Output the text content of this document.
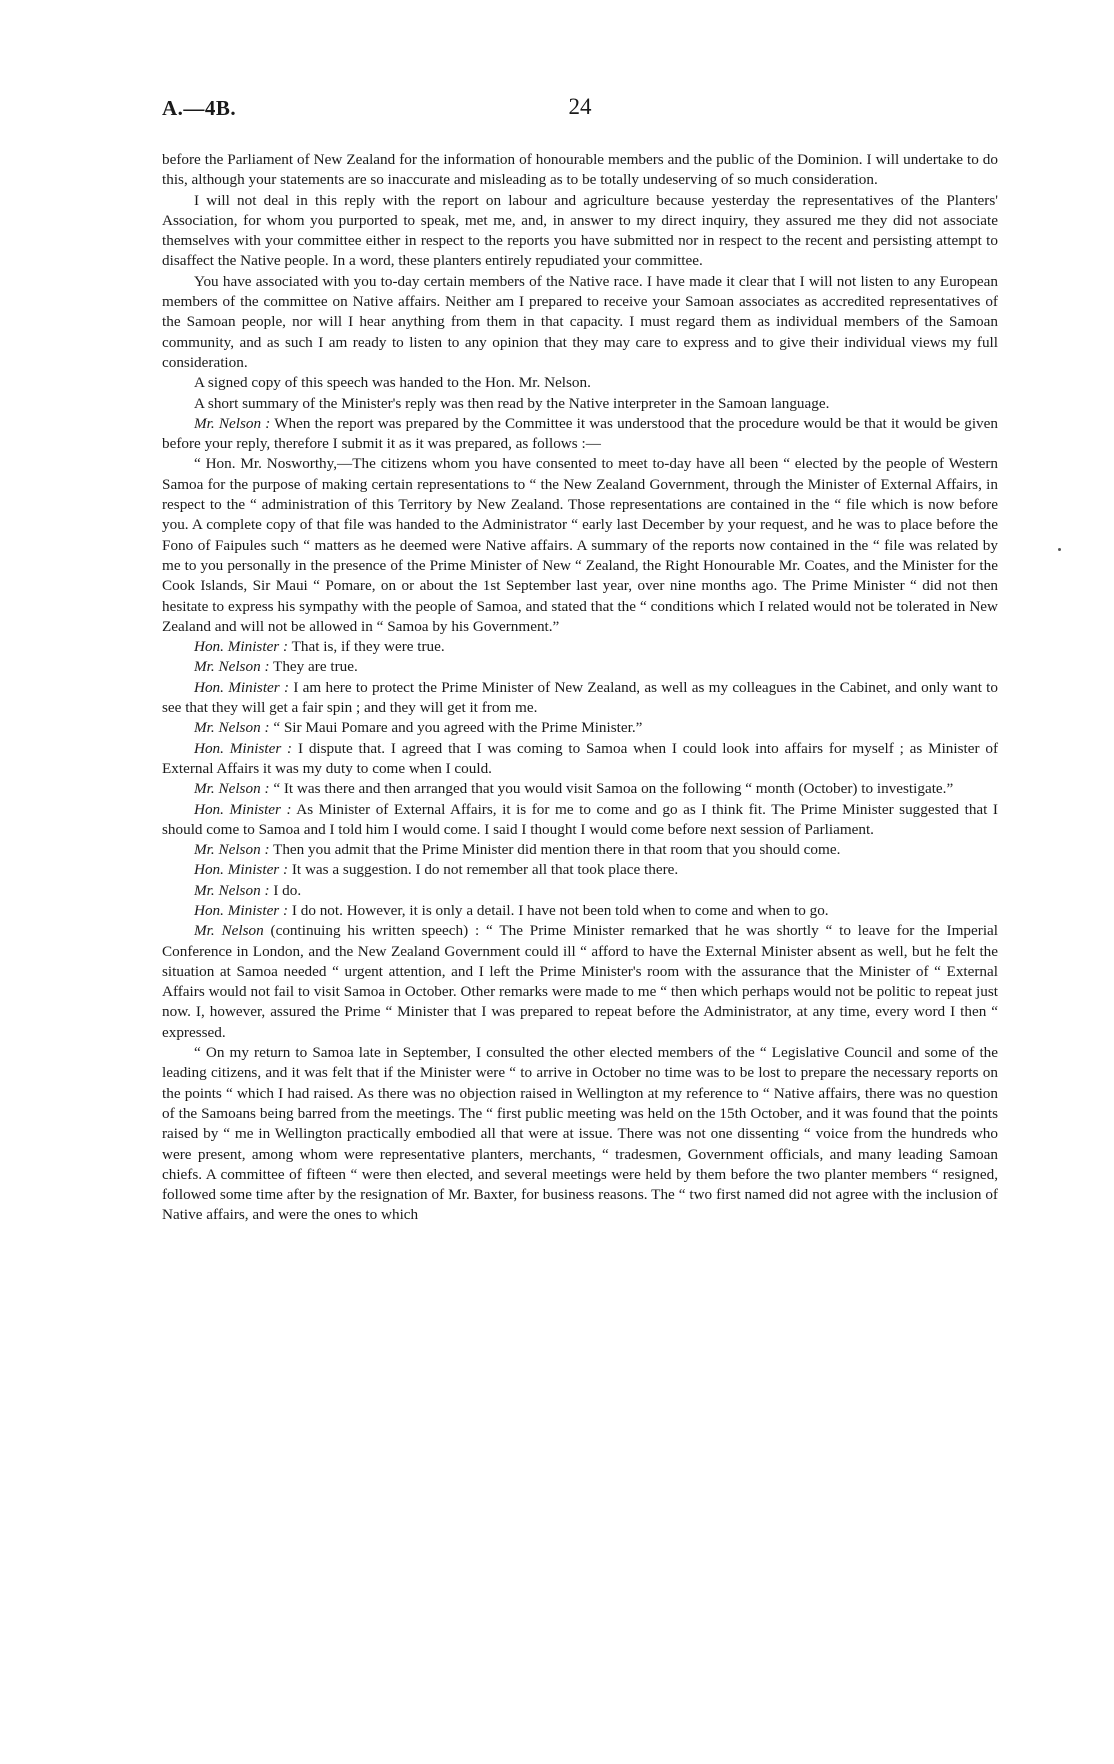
A.—4B.	24

before the Parliament of New Zealand for the information of honourable members and the public of the Dominion. I will undertake to do this, although your statements are so inaccurate and misleading as to be totally undeserving of so much consideration.

I will not deal in this reply with the report on labour and agriculture because yesterday the representatives of the Planters' Association, for whom you purported to speak, met me, and, in answer to my direct inquiry, they assured me they did not associate themselves with your committee either in respect to the reports you have submitted nor in respect to the recent and persisting attempt to disaffect the Native people. In a word, these planters entirely repudiated your committee.

You have associated with you to-day certain members of the Native race. I have made it clear that I will not listen to any European members of the committee on Native affairs. Neither am I prepared to receive your Samoan associates as accredited representatives of the Samoan people, nor will I hear anything from them in that capacity. I must regard them as individual members of the Samoan community, and as such I am ready to listen to any opinion that they may care to express and to give their individual views my full consideration.

A signed copy of this speech was handed to the Hon. Mr. Nelson.

A short summary of the Minister's reply was then read by the Native interpreter in the Samoan language.

Mr. Nelson : When the report was prepared by the Committee it was understood that the procedure would be that it would be given before your reply, therefore I submit it as it was prepared, as follows :—

“ Hon. Mr. Nosworthy,—The citizens whom you have consented to meet to-day have all been “ elected by the people of Western Samoa for the purpose of making certain representations to “ the New Zealand Government, through the Minister of External Affairs, in respect to the “ administration of this Territory by New Zealand. Those representations are contained in the “ file which is now before you. A complete copy of that file was handed to the Administrator “ early last December by your request, and he was to place before the Fono of Faipules such “ matters as he deemed were Native affairs. A summary of the reports now contained in the “ file was related by me to you personally in the presence of the Prime Minister of New “ Zealand, the Right Honourable Mr. Coates, and the Minister for the Cook Islands, Sir Maui “ Pomare, on or about the 1st September last year, over nine months ago. The Prime Minister “ did not then hesitate to express his sympathy with the people of Samoa, and stated that the “ conditions which I related would not be tolerated in New Zealand and will not be allowed in “ Samoa by his Government.”

Hon. Minister : That is, if they were true.

Mr. Nelson : They are true.

Hon. Minister : I am here to protect the Prime Minister of New Zealand, as well as my colleagues in the Cabinet, and only want to see that they will get a fair spin ; and they will get it from me.

Mr. Nelson : “ Sir Maui Pomare and you agreed with the Prime Minister.”

Hon. Minister : I dispute that. I agreed that I was coming to Samoa when I could look into affairs for myself ; as Minister of External Affairs it was my duty to come when I could.

Mr. Nelson : “ It was there and then arranged that you would visit Samoa on the following “ month (October) to investigate.”

Hon. Minister : As Minister of External Affairs, it is for me to come and go as I think fit. The Prime Minister suggested that I should come to Samoa and I told him I would come. I said I thought I would come before next session of Parliament.

Mr. Nelson : Then you admit that the Prime Minister did mention there in that room that you should come.

Hon. Minister : It was a suggestion. I do not remember all that took place there.

Mr. Nelson : I do.

Hon. Minister : I do not. However, it is only a detail. I have not been told when to come and when to go.

Mr. Nelson (continuing his written speech) : “ The Prime Minister remarked that he was shortly “ to leave for the Imperial Conference in London, and the New Zealand Government could ill “ afford to have the External Minister absent as well, but he felt the situation at Samoa needed “ urgent attention, and I left the Prime Minister's room with the assurance that the Minister of “ External Affairs would not fail to visit Samoa in October. Other remarks were made to me “ then which perhaps would not be politic to repeat just now. I, however, assured the Prime “ Minister that I was prepared to repeat before the Administrator, at any time, every word I then “ expressed.

“ On my return to Samoa late in September, I consulted the other elected members of the “ Legislative Council and some of the leading citizens, and it was felt that if the Minister were “ to arrive in October no time was to be lost to prepare the necessary reports on the points “ which I had raised. As there was no objection raised in Wellington at my reference to “ Native affairs, there was no question of the Samoans being barred from the meetings. The “ first public meeting was held on the 15th October, and it was found that the points raised by “ me in Wellington practically embodied all that were at issue. There was not one dissenting “ voice from the hundreds who were present, among whom were representative planters, merchants, “ tradesmen, Government officials, and many leading Samoan chiefs. A committee of fifteen “ were then elected, and several meetings were held by them before the two planter members “ resigned, followed some time after by the resignation of Mr. Baxter, for business reasons. The “ two first named did not agree with the inclusion of Native affairs, and were the ones to which
